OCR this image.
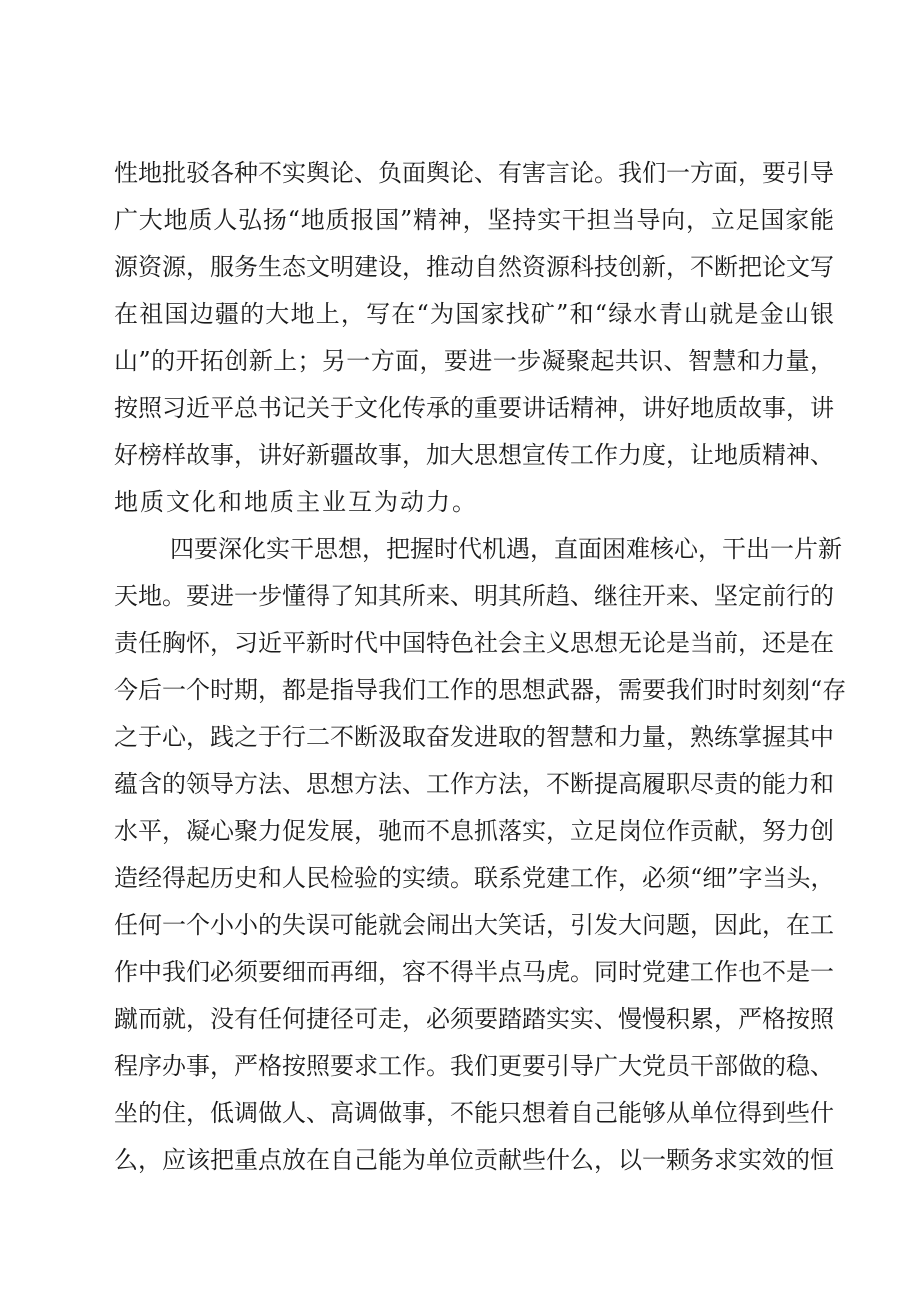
性地批驳各种不实舆论、负面舆论、有害言论。我们一方面，要引导
广大地质人弘扬“地质报国”精神，坚持实干担当导向，立足国家能
源资源，服务生态文明建设，推动自然资源科技创新，不断把论文写
在祖国边疆的大地上，写在“为国家找矿”和“绿水青山就是金山银
山”的开拓创新上；另一方面，要进一步凝聚起共识、智慧和力量，
按照习近平总书记关于文化传承的重要讲话精神，讲好地质故事，讲
好榜样故事，讲好新疆故事，加大思想宣传工作力度，让地质精神、
地质文化和地质主业互为动力。
四要深化实干思想，把握时代机遇，直面困难核心，干出一片新
天地。要进一步懂得了知其所来、明其所趋、继往开来、坚定前行的
责任胸怀，习近平新时代中国特色社会主义思想无论是当前，还是在
今后一个时期，都是指导我们工作的思想武器，需要我们时时刻刻“存
之于心，践之于行二不断汲取奋发进取的智慧和力量，熟练掌握其中
蕴含的领导方法、思想方法、工作方法，不断提高履职尽责的能力和
水平，凝心聚力促发展，驰而不息抓落实，立足岗位作贡献，努力创
造经得起历史和人民检验的实绩。联系党建工作，必须“细”字当头，
任何一个小小的失误可能就会闹出大笑话，引发大问题，因此，在工
作中我们必须要细而再细，容不得半点马虎。同时党建工作也不是一
蹴而就，没有任何捷径可走，必须要踏踏实实、慢慢积累，严格按照
程序办事，严格按照要求工作。我们更要引导广大党员干部做的稳、
坐的住，低调做人、高调做事，不能只想着自己能够从单位得到些什
么，应该把重点放在自己能为单位贡献些什么，以一颗务求实效的恒
